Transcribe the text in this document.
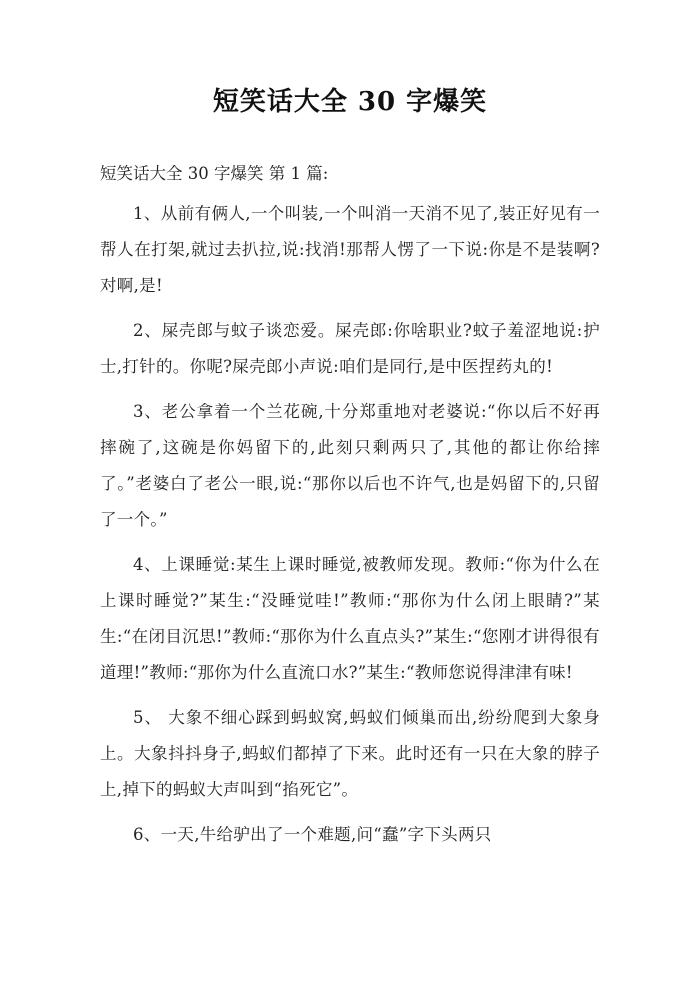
短笑话大全 30 字爆笑

短笑话大全 30 字爆笑 第 1 篇:

1、从前有俩人,一个叫装,一个叫消一天消不见了,装正好见有一帮人在打架,就过去扒拉,说:找消!那帮人愣了一下说:你是不是装啊?对啊,是!

2、屎壳郎与蚊子谈恋爱。屎壳郎:你啥职业?蚊子羞涩地说:护士,打针的。你呢?屎壳郎小声说:咱们是同行,是中医捏药丸的!

3、老公拿着一个兰花碗,十分郑重地对老婆说:“你以后不好再摔碗了,这碗是你妈留下的,此刻只剩两只了,其他的都让你给摔了。”老婆白了老公一眼,说:“那你以后也不许气,也是妈留下的,只留了一个。”

4、上课睡觉:某生上课时睡觉,被教师发现。教师:“你为什么在上课时睡觉?”某生:“没睡觉哇!”教师:“那你为什么闭上眼睛?”某生:“在闭目沉思!”教师:“那你为什么直点头?”某生:“您刚才讲得很有道理!”教师:“那你为什么直流口水?”某生:“教师您说得津津有味!

5、 大象不细心踩到蚂蚁窝,蚂蚁们倾巢而出,纷纷爬到大象身上。大象抖抖身子,蚂蚁们都掉了下来。此时还有一只在大象的脖子上,掉下的蚂蚁大声叫到“掐死它”。

6、一天,牛给驴出了一个难题,问“蠢”字下头两只
